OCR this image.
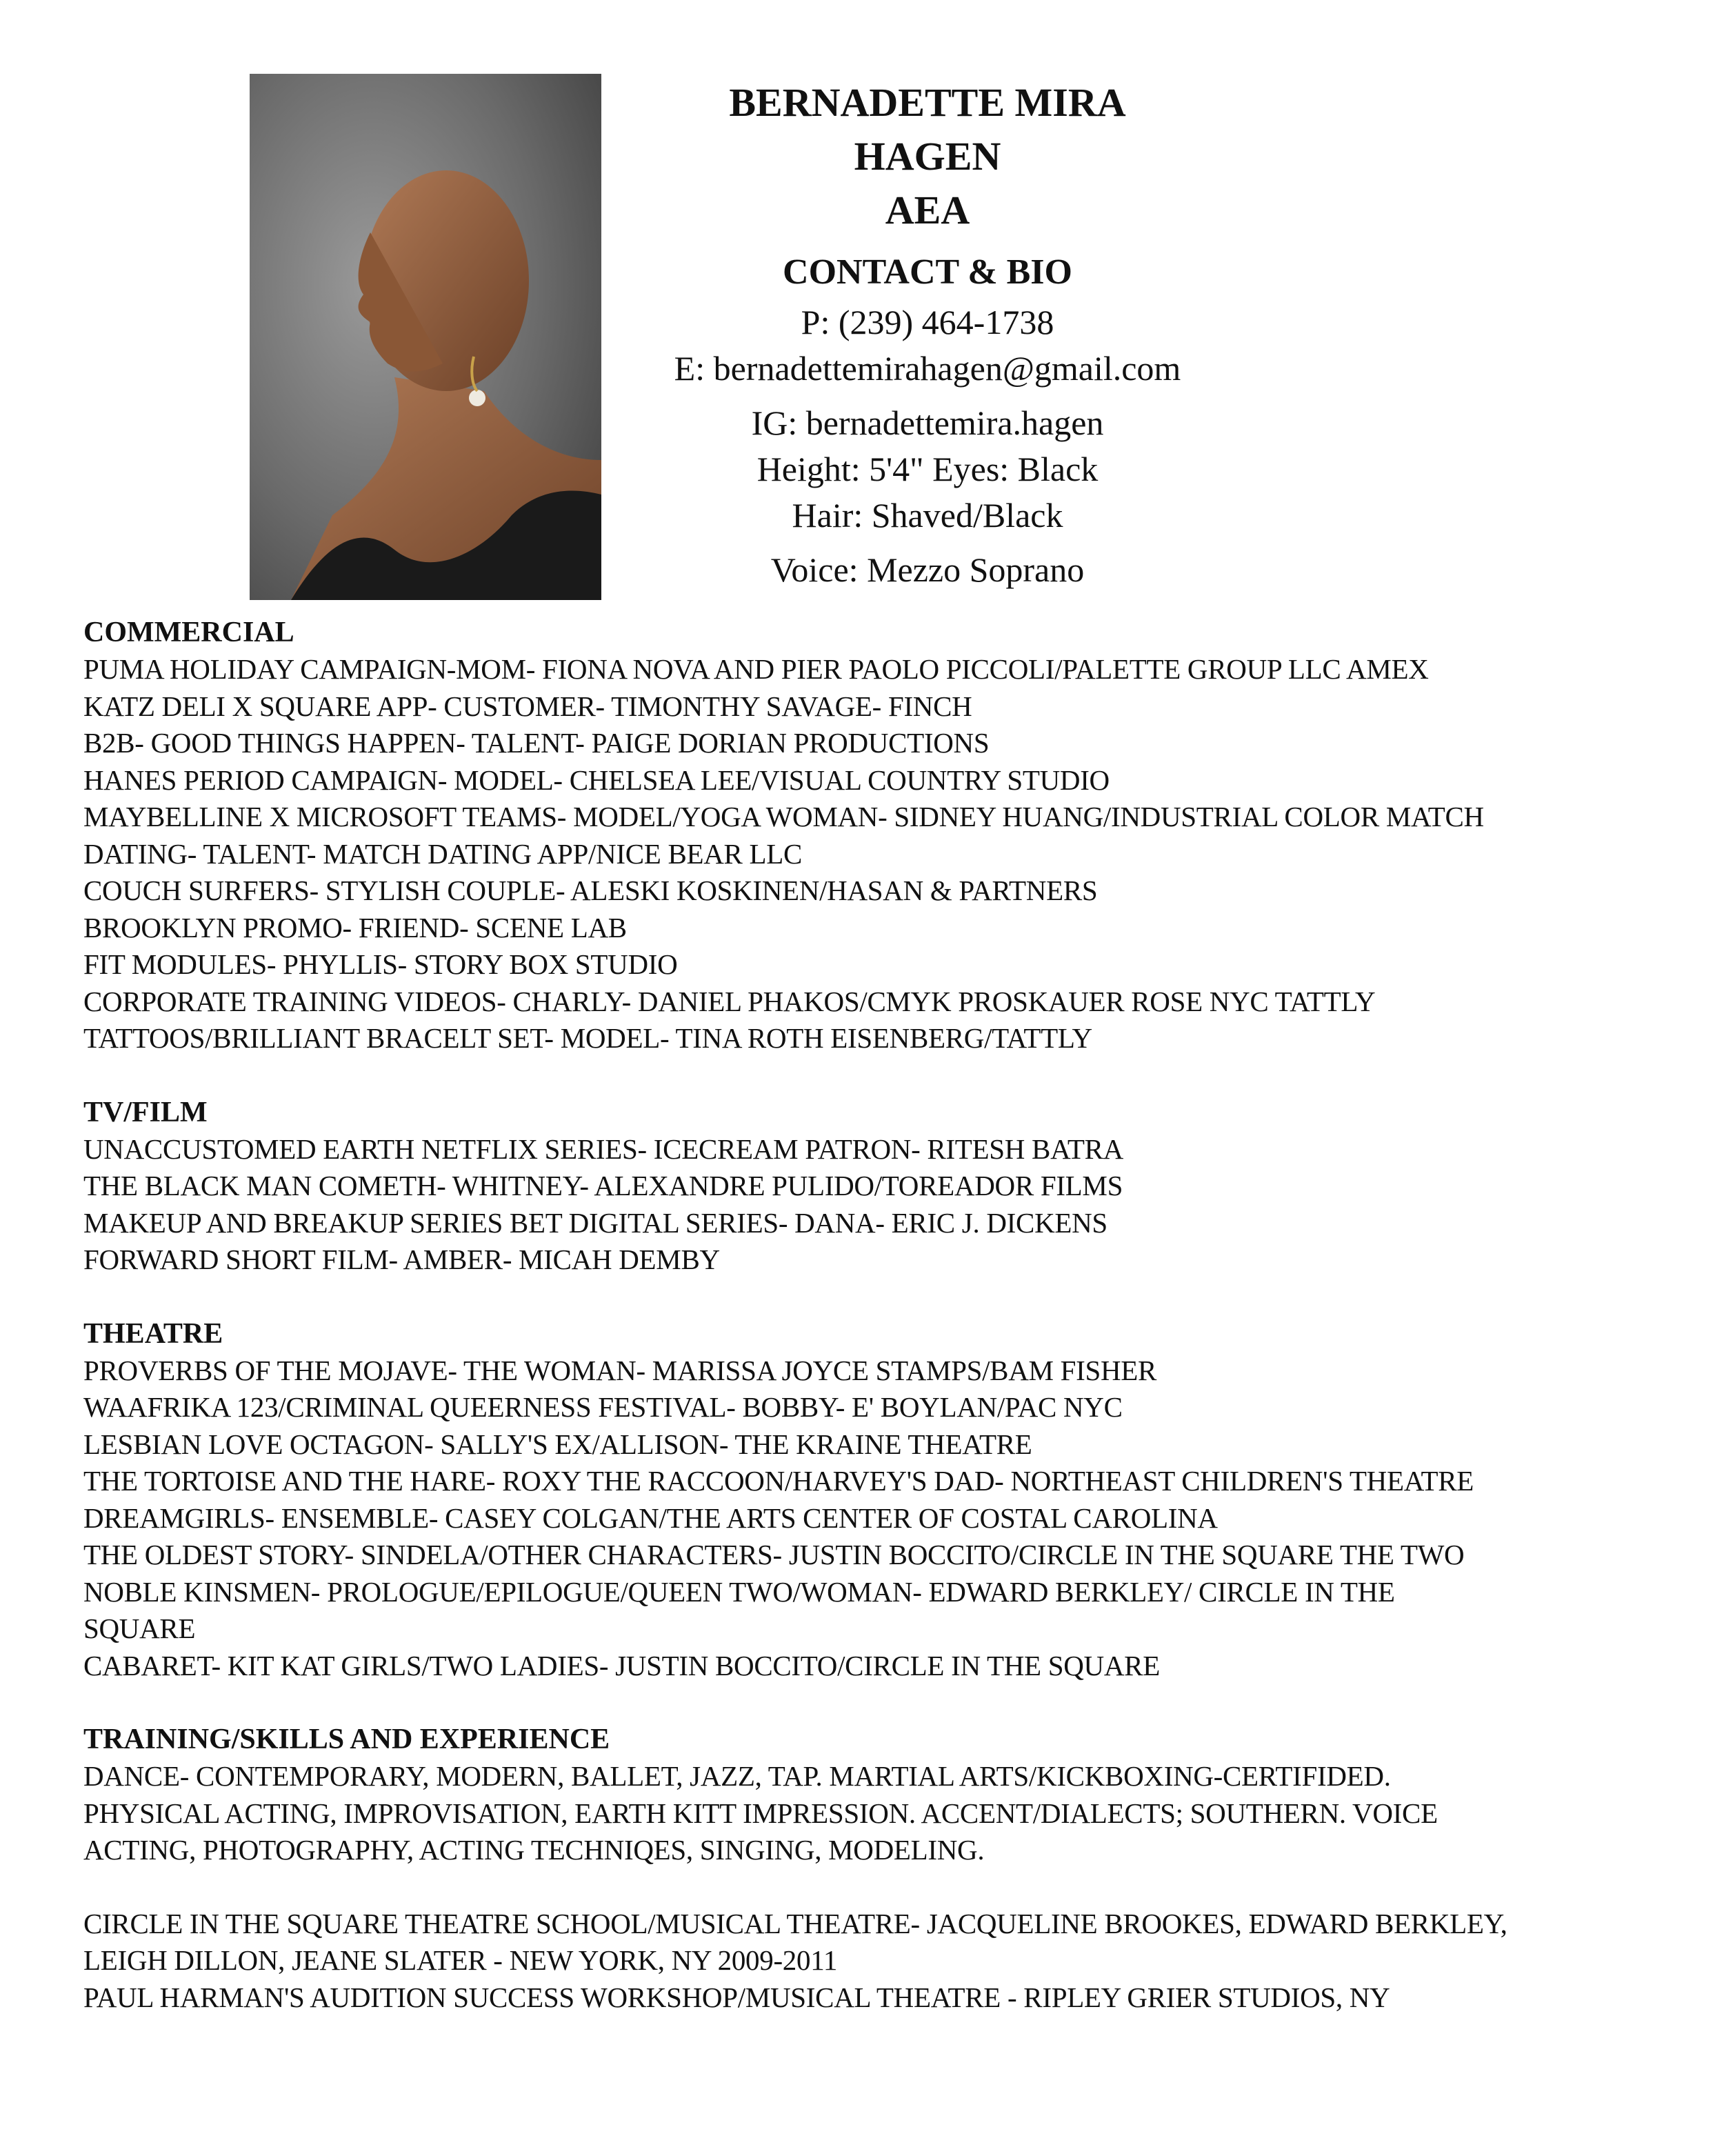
BERNADETTE MIRA
HAGEN
AEA
CONTACT & BIO
P: (239) 464-1738
E: bernadettemirahagen@gmail.com
IG: bernadettemira.hagen
Height: 5'4" Eyes: Black
Hair: Shaved/Black
Voice: Mezzo Soprano
COMMERCIAL
PUMA HOLIDAY CAMPAIGN-MOM- FIONA NOVA AND PIER PAOLO PICCOLI/PALETTE GROUP LLC AMEX
KATZ DELI X SQUARE APP- CUSTOMER- TIMONTHY SAVAGE- FINCH
B2B- GOOD THINGS HAPPEN- TALENT- PAIGE DORIAN PRODUCTIONS
HANES PERIOD CAMPAIGN- MODEL- CHELSEA LEE/VISUAL COUNTRY STUDIO
MAYBELLINE X MICROSOFT TEAMS- MODEL/YOGA WOMAN- SIDNEY HUANG/INDUSTRIAL COLOR MATCH
DATING- TALENT- MATCH DATING APP/NICE BEAR LLC
COUCH SURFERS- STYLISH COUPLE- ALESKI KOSKINEN/HASAN & PARTNERS
BROOKLYN PROMO- FRIEND- SCENE LAB
FIT MODULES- PHYLLIS- STORY BOX STUDIO
CORPORATE TRAINING VIDEOS- CHARLY- DANIEL PHAKOS/CMYK PROSKAUER ROSE NYC TATTLY
TATTOOS/BRILLIANT BRACELT SET- MODEL- TINA ROTH EISENBERG/TATTLY
TV/FILM
UNACCUSTOMED EARTH NETFLIX SERIES- ICECREAM PATRON- RITESH BATRA
THE BLACK MAN COMETH- WHITNEY- ALEXANDRE PULIDO/TOREADOR FILMS
MAKEUP AND BREAKUP SERIES BET DIGITAL SERIES- DANA- ERIC J. DICKENS
FORWARD SHORT FILM- AMBER- MICAH DEMBY
THEATRE
PROVERBS OF THE MOJAVE- THE WOMAN- MARISSA JOYCE STAMPS/BAM FISHER
WAAFRIKA 123/CRIMINAL QUEERNESS FESTIVAL- BOBBY- E' BOYLAN/PAC NYC
LESBIAN LOVE OCTAGON- SALLY'S EX/ALLISON- THE KRAINE THEATRE
THE TORTOISE AND THE HARE- ROXY THE RACCOON/HARVEY'S DAD- NORTHEAST CHILDREN'S THEATRE
DREAMGIRLS- ENSEMBLE- CASEY COLGAN/THE ARTS CENTER OF COSTAL CAROLINA
THE OLDEST STORY- SINDELA/OTHER CHARACTERS- JUSTIN BOCCITO/CIRCLE IN THE SQUARE THE TWO
NOBLE KINSMEN- PROLOGUE/EPILOGUE/QUEEN TWO/WOMAN- EDWARD BERKLEY/ CIRCLE IN THE
SQUARE
CABARET- KIT KAT GIRLS/TWO LADIES- JUSTIN BOCCITO/CIRCLE IN THE SQUARE
TRAINING/SKILLS AND EXPERIENCE
DANCE- CONTEMPORARY, MODERN, BALLET, JAZZ, TAP. MARTIAL ARTS/KICKBOXING-CERTIFIDED.
PHYSICAL ACTING, IMPROVISATION, EARTH KITT IMPRESSION. ACCENT/DIALECTS; SOUTHERN. VOICE
ACTING, PHOTOGRAPHY, ACTING TECHNIQES, SINGING, MODELING.
CIRCLE IN THE SQUARE THEATRE SCHOOL/MUSICAL THEATRE- JACQUELINE BROOKES, EDWARD BERKLEY,
LEIGH DILLON, JEANE SLATER - NEW YORK, NY 2009-2011
PAUL HARMAN'S AUDITION SUCCESS WORKSHOP/MUSICAL THEATRE - RIPLEY GRIER STUDIOS, NY
